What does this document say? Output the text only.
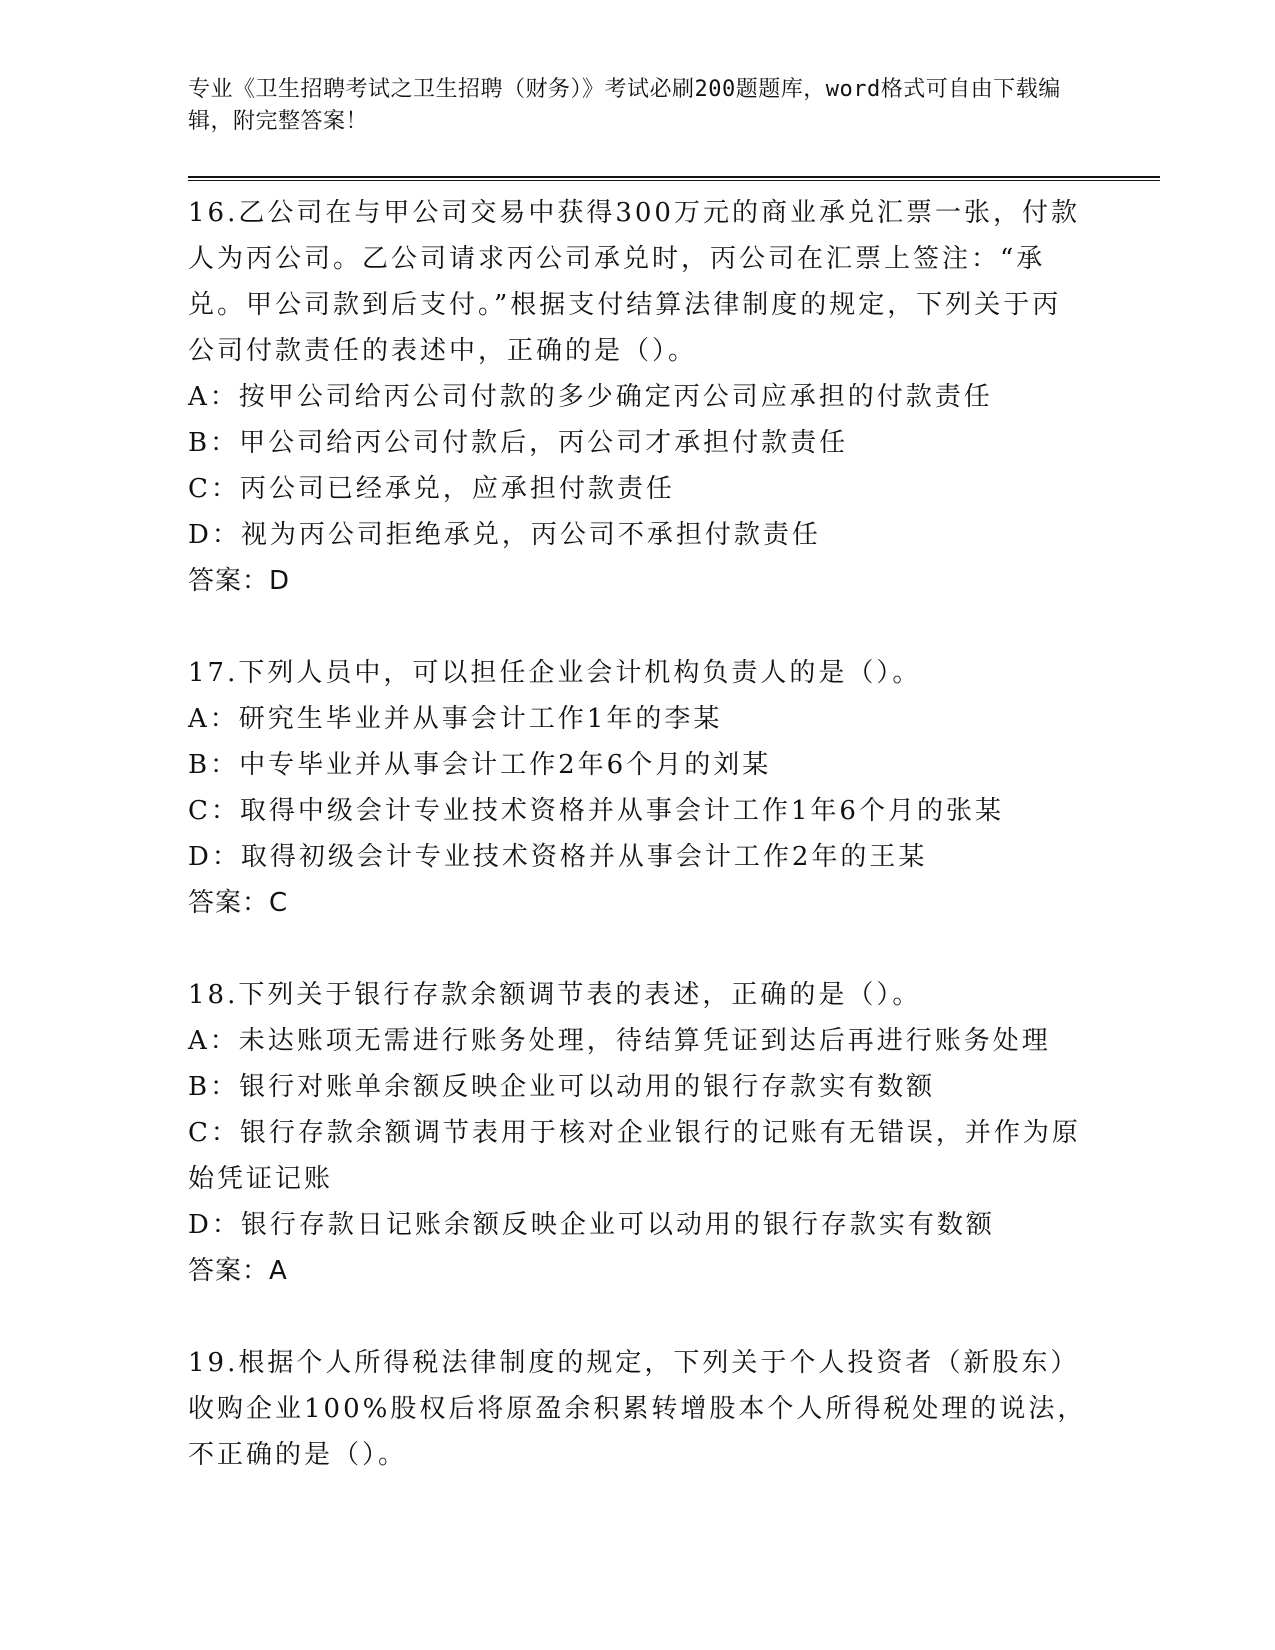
专业《卫生招聘考试之卫生招聘（财务）》考试必刷200题题库，word格式可自由下载编辑，附完整答案！

16.乙公司在与甲公司交易中获得300万元的商业承兑汇票一张，付款人为丙公司。乙公司请求丙公司承兑时，丙公司在汇票上签注：“承兑。甲公司款到后支付。”根据支付结算法律制度的规定，下列关于丙公司付款责任的表述中，正确的是（）。

A：按甲公司给丙公司付款的多少确定丙公司应承担的付款责任

B：甲公司给丙公司付款后，丙公司才承担付款责任

C：丙公司已经承兑，应承担付款责任

D：视为丙公司拒绝承兑，丙公司不承担付款责任

答案：D

17.下列人员中，可以担任企业会计机构负责人的是（）。

A：研究生毕业并从事会计工作1年的李某

B：中专毕业并从事会计工作2年6个月的刘某

C：取得中级会计专业技术资格并从事会计工作1年6个月的张某

D：取得初级会计专业技术资格并从事会计工作2年的王某

答案：C

18.下列关于银行存款余额调节表的表述，正确的是（）。

A：未达账项无需进行账务处理，待结算凭证到达后再进行账务处理

B：银行对账单余额反映企业可以动用的银行存款实有数额

C：银行存款余额调节表用于核对企业银行的记账有无错误，并作为原始凭证记账

D：银行存款日记账余额反映企业可以动用的银行存款实有数额

答案：A

19.根据个人所得税法律制度的规定，下列关于个人投资者（新股东）收购企业100%股权后将原盈余积累转增股本个人所得税处理的说法，不正确的是（）。
